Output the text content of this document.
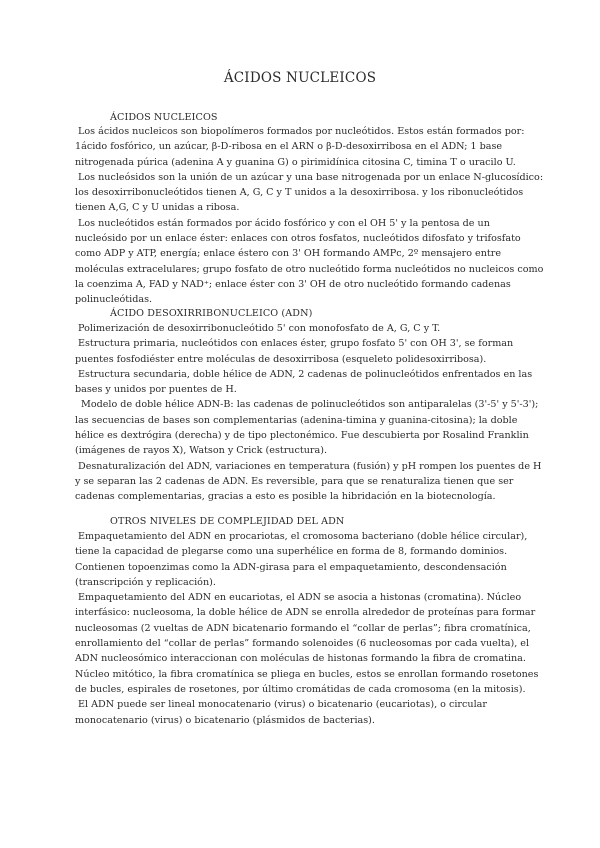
ÁCIDOS NUCLEICOS
ÁCIDOS NUCLEICOS

Los ácidos nucleicos son biopolímeros formados por nucleótidos. Estos están formados por: 1ácido fosfórico, un azúcar, β-D-ribosa en el ARN o β-D-desoxirribosa en el ADN; 1 base nitrogenada púrica (adenina A y guanina G) o pirimidínica citosina C, timina T o uracilo U.

Los nucleósidos son la unión de un azúcar y una base nitrogenada por un enlace N-glucosídico: los desoxirribonucleótidos tienen A, G, C y T unidos a la desoxirribosa. y los ribonucleótidos tienen A,G, C y U unidas a ribosa.

Los nucleótidos están formados por ácido fosfórico y con el OH 5' y la pentosa de un nucleósido por un enlace éster: enlaces con otros fosfatos, nucleótidos difosfato y trifosfato como ADP y ATP, energía; enlace éstero con 3' OH formando AMPc, 2º mensajero entre moléculas extracelulares; grupo fosfato de otro nucleótido forma nucleótidos no nucleicos como la coenzima A, FAD y NAD⁺; enlace éster con 3' OH de otro nucleótido formando cadenas polinucleótidas.

ÁCIDO DESOXIRRIBONUCLEICO (ADN)

Polimerización de desoxirribonucleótido 5' con monofosfato de A, G, C y T.

Estructura primaria, nucleótidos con enlaces éster, grupo fosfato 5' con OH 3', se forman puentes fosfodiéster entre moléculas de desoxirribosa (esqueleto polidesoxirribosa).

Estructura secundaria, doble hélice de ADN, 2 cadenas de polinucleótidos enfrentados en las bases y unidos por puentes de H.

Modelo de doble hélice ADN-B: las cadenas de polinucleótidos son antiparalelas (3'-5' y 5'-3'); las secuencias de bases son complementarias (adenina-timina y guanina-citosina); la doble hélice es dextrógira (derecha) y de tipo plectonémico. Fue descubierta por Rosalind Franklin (imágenes de rayos X), Watson y Crick (estructura).

Desnaturalización del ADN, variaciones en temperatura (fusión) y pH rompen los puentes de H y se separan las 2 cadenas de ADN. Es reversible, para que se renaturaliza tienen que ser cadenas complementarias, gracias a esto es posible la hibridación en la biotecnología.

OTROS NIVELES DE COMPLEJIDAD DEL ADN

Empaquetamiento del ADN en procariotas, el cromosoma bacteriano (doble hélice circular), tiene la capacidad de plegarse como una superhélice en forma de 8, formando dominios. Contienen topoenzimas como la ADN-girasa para el empaquetamiento, descondensación (transcripción y replicación).

Empaquetamiento del ADN en eucariotas, el ADN se asocia a histonas (cromatina). Núcleo interfásico: nucleosoma, la doble hélice de ADN se enrolla alrededor de proteínas para formar nucleosomas (2 vueltas de ADN bicatenario formando el “collar de perlas”; fibra cromatínica, enrollamiento del “collar de perlas” formando solenoides (6 nucleosomas por cada vuelta), el ADN nucleosómico interaccionan con moléculas de histonas formando la fibra de cromatina. Núcleo mitótico, la fibra cromatínica se pliega en bucles, estos se enrollan formando rosetones de bucles, espirales de rosetones, por último cromátidas de cada cromosoma (en la mitosis).

El ADN puede ser lineal monocatenario (virus) o bicatenario (eucariotas), o circular monocatenario (virus) o bicatenario (plásmidos de bacterias).
